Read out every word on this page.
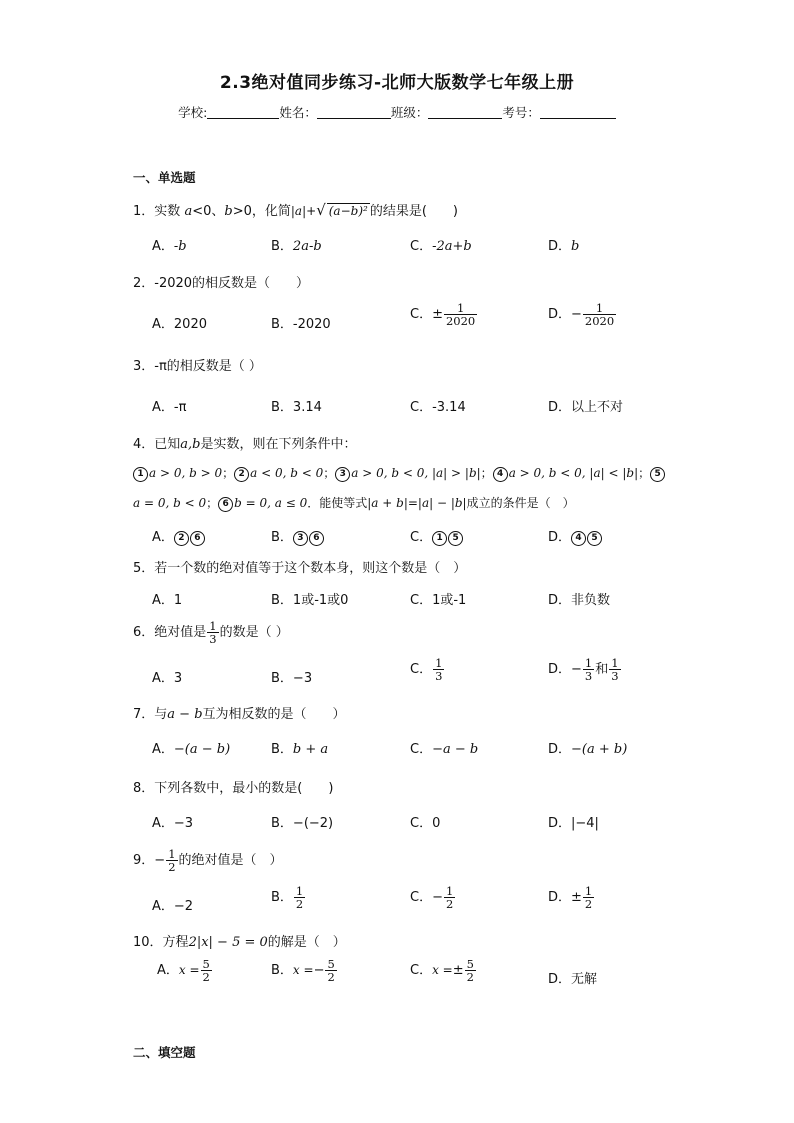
2.3绝对值同步练习-北师大版数学七年级上册
学校:	姓名：	班级：	考号：
一、单选题
1．实数 a<0、b>0，化简|a|+√ (a−b)² 的结果是(　　)
A．-b	B．2a-b	C．-2a+b	D．b
2．-2020的相反数是（　　）
A．2020	B．-2020
C．± $\frac{1}{2020}$	D．− $\frac{1}{2020}$
3．-π的相反数是（ ）
A．-π	B．3.14	C．-3.14	D．以上不对
4．已知a,b是实数，则在下列条件中：
1 a > 0, b > 0； 2 a < 0, b < 0； 3 a > 0, b < 0, |a| > |b|； 4 a > 0, b < 0, |a| < |b|； 5
a = 0, b < 0； 6 b = 0, a ≤ 0．能使等式|a + b|=|a| − |b|成立的条件是（　）
A． 2 6	B． 3 6	C． 1 5	D． 4 5
5．若一个数的绝对值等于这个数本身，则这个数是（　）
A．1	B．1或-1或0	C．1或-1	D．非负数
6．绝对值是 $\frac{1}{3}$ 的数是（ ）
A．3	B．−3
C． $\frac{1}{3}$	D．− $\frac{1}{3}$ 和 $\frac{1}{3}$
7．与a − b互为相反数的是（　　）
A．−(a − b)	B．b + a	C．−a − b	D．−(a + b)
8．下列各数中，最小的数是(　　)
A．−3	B．−(−2)	C．0	D．|−4|
9．− $\frac{1}{2}$ 的绝对值是（　）
A．−2
B． $\frac{1}{2}$	C．− $\frac{1}{2}$	D．± $\frac{1}{2}$
10．方程2|x| − 5 = 0的解是（　）
A．$x = \frac{5}{2}$	B．$x =- \frac{5}{2}$	C．$x =\pm \frac{5}{2}$	D．无解
二、填空题
